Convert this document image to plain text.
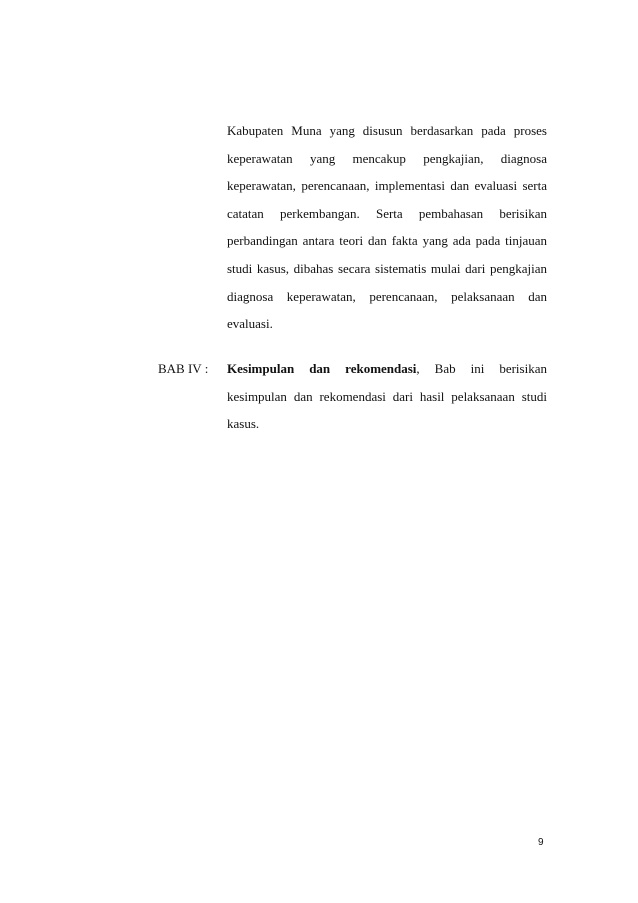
Kabupaten Muna yang disusun berdasarkan pada proses
keperawatan yang mencakup pengkajian, diagnosa
keperawatan, perencanaan, implementasi dan evaluasi serta
catatan perkembangan. Serta pembahasan berisikan
perbandingan antara teori dan fakta yang ada pada tinjauan
studi kasus, dibahas secara sistematis mulai dari pengkajian
diagnosa keperawatan, perencanaan, pelaksanaan dan
evaluasi.
BAB IV : Kesimpulan dan rekomendasi, Bab ini berisikan
kesimpulan dan rekomendasi dari hasil pelaksanaan studi
kasus.
9
